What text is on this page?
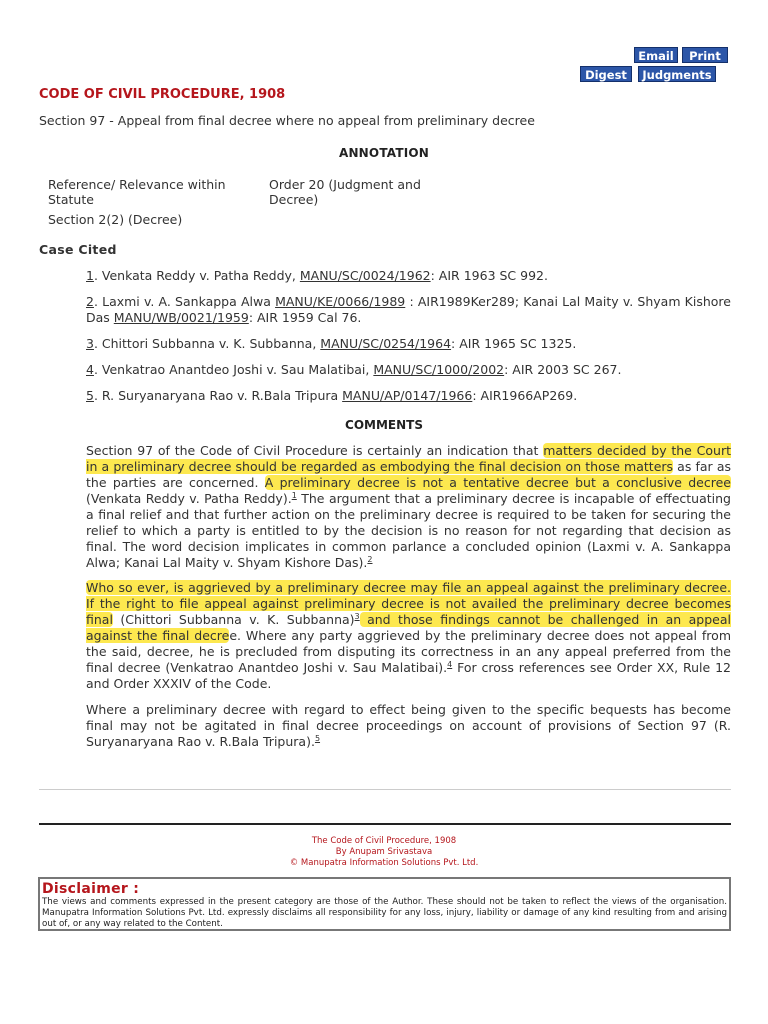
Email	Print
Digest	Judgments
CODE OF CIVIL PROCEDURE, 1908
Section 97 - Appeal from final decree where no appeal from preliminary decree
ANNOTATION
Reference/ Relevance within Statute
Order 20 (Judgment and Decree)
Section 2(2) (Decree)
Case Cited
1. Venkata Reddy v. Patha Reddy, MANU/SC/0024/1962: AIR 1963 SC 992.
2. Laxmi v. A. Sankappa Alwa MANU/KE/0066/1989 : AIR1989Ker289; Kanai Lal Maity v. Shyam Kishore Das MANU/WB/0021/1959: AIR 1959 Cal 76.
3. Chittori Subbanna v. K. Subbanna, MANU/SC/0254/1964: AIR 1965 SC 1325.
4. Venkatrao Anantdeo Joshi v. Sau Malatibai, MANU/SC/1000/2002: AIR 2003 SC 267.
5. R. Suryanaryana Rao v. R.Bala Tripura MANU/AP/0147/1966: AIR1966AP269.
COMMENTS

Section 97 of the Code of Civil Procedure is certainly an indication that matters decided by the Court in a preliminary decree should be regarded as embodying the final decision on those matters as far as the parties are concerned. A preliminary decree is not a tentative decree but a conclusive decree (Venkata Reddy v. Patha Reddy).$^1$ The argument that a preliminary decree is incapable of effectuating a final relief and that further action on the preliminary decree is required to be taken for securing the relief to which a party is entitled to by the decision is no reason for not regarding that decision as final. The word decision implicates in common parlance a concluded opinion (Laxmi v. A. Sankappa Alwa; Kanai Lal Maity v. Shyam Kishore Das).$^2$

Who so ever, is aggrieved by a preliminary decree may file an appeal against the preliminary decree. If the right to file appeal against preliminary decree is not availed the preliminary decree becomes final (Chittori Subbanna v. K. Subbanna)$^3$ and those findings cannot be challenged in an appeal against the final decree. Where any party aggrieved by the preliminary decree does not appeal from the said, decree, he is precluded from disputing its correctness in an any appeal preferred from the final decree (Venkatrao Anantdeo Joshi v. Sau Malatibai).$^4$ For cross references see Order XX, Rule 12 and Order XXXIV of the Code.

Where a preliminary decree with regard to effect being given to the specific bequests has become final may not be agitated in final decree proceedings on account of provisions of Section 97 (R. Suryanaryana Rao v. R.Bala Tripura).$^5$

The Code of Civil Procedure, 1908
By Anupam Srivastava
© Manupatra Information Solutions Pvt. Ltd.
Disclaimer :
The views and comments expressed in the present category are those of the Author. These should not be taken to reflect the views of the organisation. Manupatra Information Solutions Pvt. Ltd. expressly disclaims all responsibility for any loss, injury, liability or damage of any kind resulting from and arising out of, or any way related to the Content.
